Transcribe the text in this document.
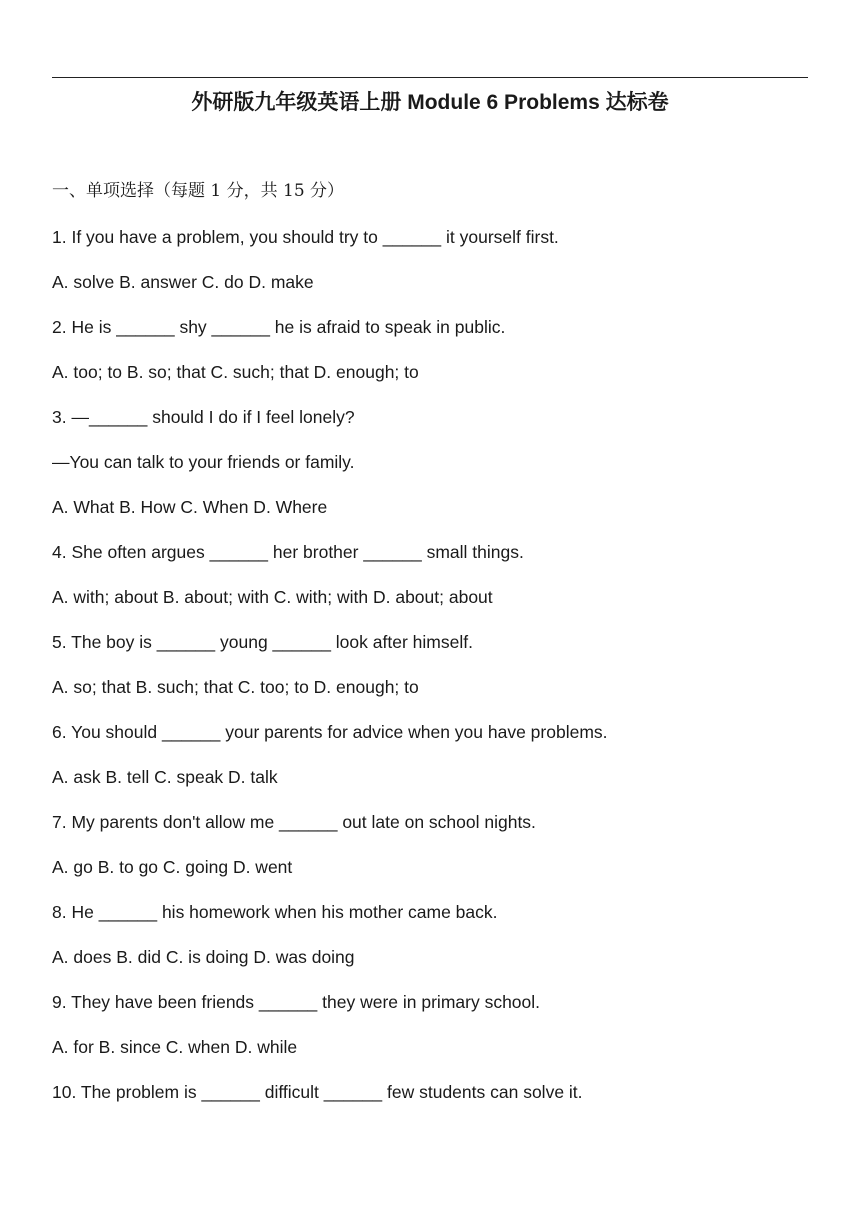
外研版九年级英语上册 Module 6 Problems 达标卷
一、单项选择（每题 1 分，共 15 分）
1. If you have a problem, you should try to ______ it yourself first.
A. solve B. answer C. do D. make
2. He is ______ shy ______ he is afraid to speak in public.
A. too; to B. so; that C. such; that D. enough; to
3. —______ should I do if I feel lonely?
—You can talk to your friends or family.
A. What B. How C. When D. Where
4. She often argues ______ her brother ______ small things.
A. with; about B. about; with C. with; with D. about; about
5. The boy is ______ young ______ look after himself.
A. so; that B. such; that C. too; to D. enough; to
6. You should ______ your parents for advice when you have problems.
A. ask B. tell C. speak D. talk
7. My parents don't allow me ______ out late on school nights.
A. go B. to go C. going D. went
8. He ______ his homework when his mother came back.
A. does B. did C. is doing D. was doing
9. They have been friends ______ they were in primary school.
A. for B. since C. when D. while
10. The problem is ______ difficult ______ few students can solve it.
